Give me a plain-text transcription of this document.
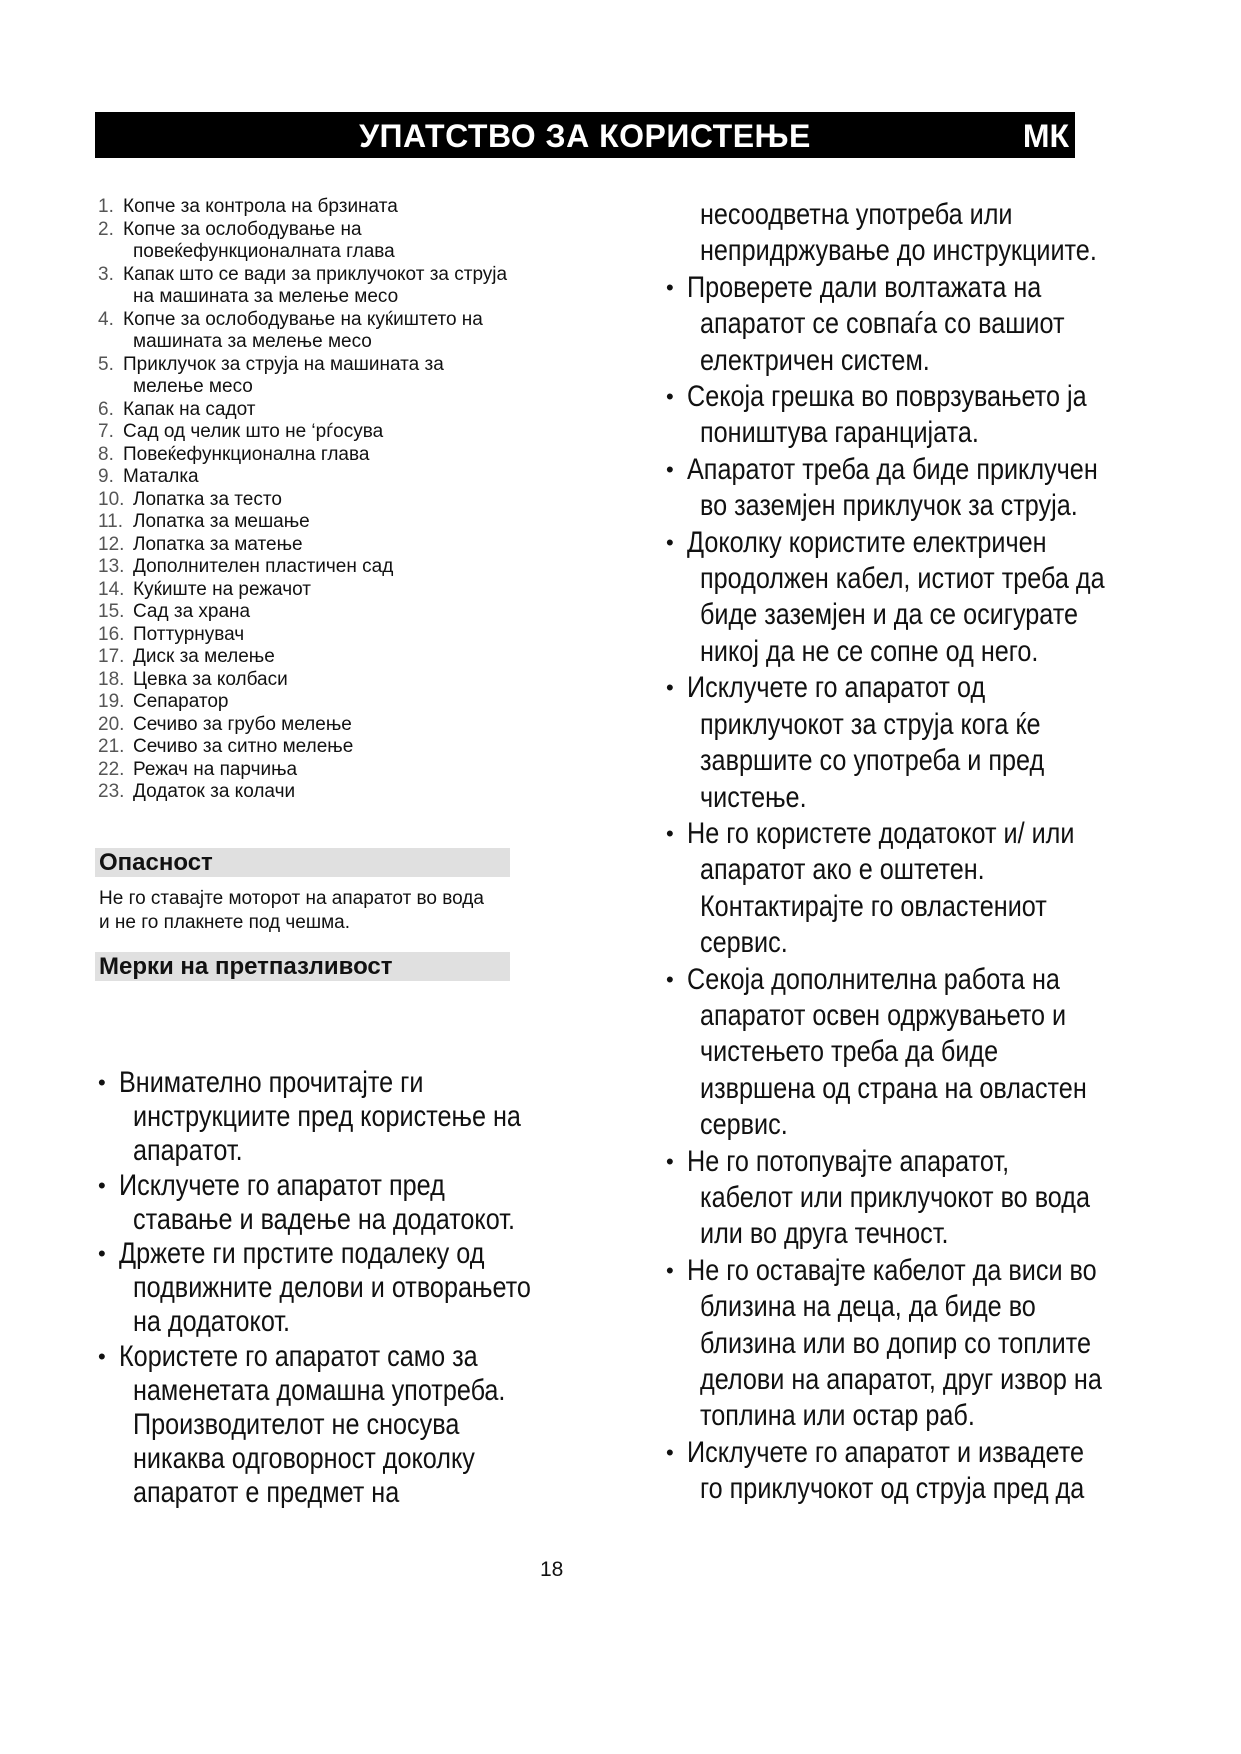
УПАТСТВО ЗА КОРИСТЕЊЕ	МК
1. Копче за контрола на брзината
2. Копче за ослободување на
повеќефункционалната глава
3. Капак што се вади за приклучокот за струја
на машината за мелење месо
4. Копче за ослободување на куќиштето на
машината за мелење месо
5. Приклучок за струја на машината за
мелење месо
6. Капак на садот
7. Сад од челик што не ‘рѓосува
8. Повеќефункционална глава
9. Маталка
10. Лопатка за тесто
11. Лопатка за мешање
12. Лопатка за матење
13. Дополнителен пластичен сад
14. Куќиште на режачот
15. Сад за храна
16. Поттурнувач
17. Диск за мелење
18. Цевка за колбаси
19. Сепаратор
20. Сечиво за грубо мелење
21. Сечиво за ситно мелење
22. Режач на парчиња
23. Додаток за колачи
Опасност
Не го ставајте моторот на апаратот во вода
и не го плакнете под чешма.
Мерки на претпазливост
• Внимателно прочитајте ги
инструкциите пред користење на
апаратот.
• Исклучете го апаратот пред
ставање и вадење на додатокот.
• Држете ги прстите подалеку од
подвижните делови и отворањето
на додатокот.
• Користете го апаратот само за
наменетата домашна употреба.
Производителот не сносува
никаква одговорност доколку
апаратот е предмет на
несоодветна употреба или
непридржување до инструкциите.
• Проверете дали волтажата на
апаратот се совпаѓа со вашиот
електричен систем.
• Секоја грешка во поврзувањето ја
поништува гаранцијата.
• Апаратот треба да биде приклучен
во заземјен приклучок за струја.
• Доколку користите електричен
продолжен кабел, истиот треба да
биде заземјен и да се осигурате
никој да не се сопне од него.
• Исклучете го апаратот од
приклучокот за струја кога ќе
завршите со употреба и пред
чистење.
• Не го користете додатокот и/ или
апаратот ако е оштетен.
Контактирајте го овластениот
сервис.
• Секоја дополнителна работа на
апаратот освен одржувањето и
чистењето треба да биде
извршена од страна на овластен
сервис.
• Не го потопувајте апаратот,
кабелот или приклучокот во вода
или во друга течност.
• Не го оставајте кабелот да виси во
близина на деца, да биде во
близина или во допир со топлите
делови на апаратот, друг извор на
топлина или остар раб.
• Исклучете го апаратот и извадете
го приклучокот од струја пред да
18
